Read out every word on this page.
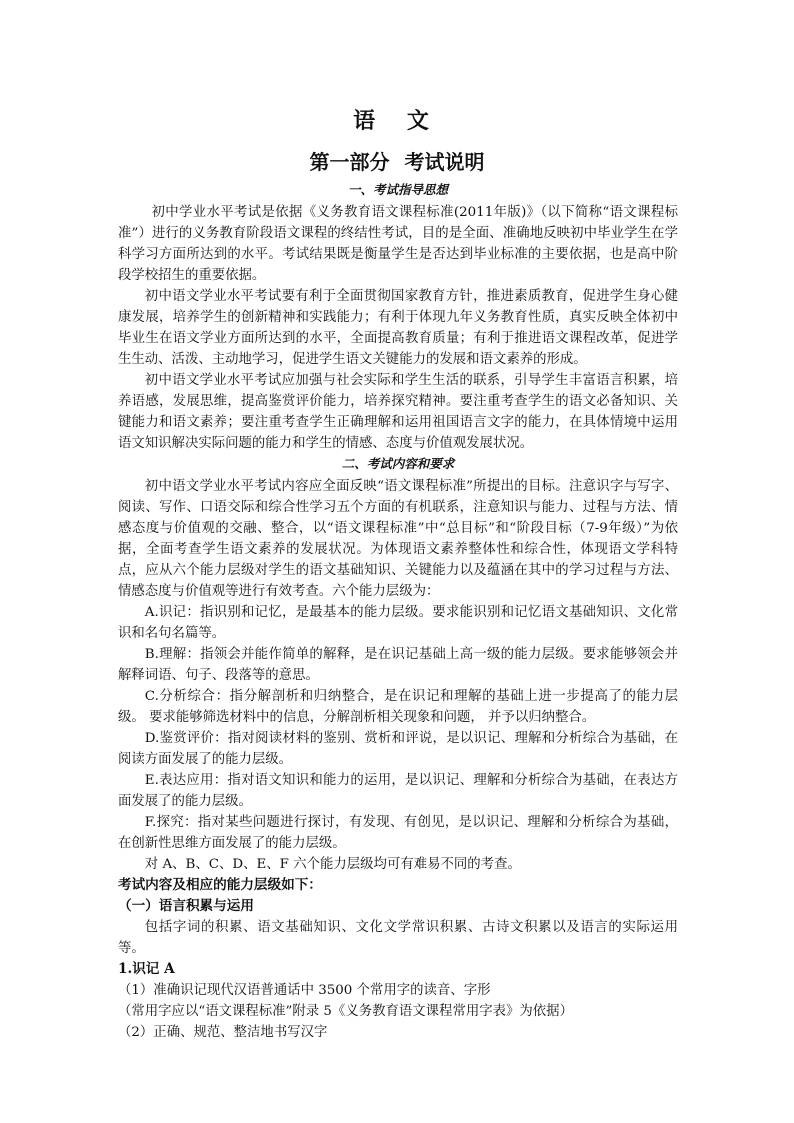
语 文
第一部分 考试说明
一、考试指导思想

初中学业水平考试是依据《义务教育语文课程标准(2011年版)》（以下简称“语文课程标准”）进行的义务教育阶段语文课程的终结性考试，目的是全面、准确地反映初中毕业学生在学科学习方面所达到的水平。考试结果既是衡量学生是否达到毕业标准的主要依据，也是高中阶段学校招生的重要依据。

初中语文学业水平考试要有利于全面贯彻国家教育方针，推进素质教育，促进学生身心健康发展，培养学生的创新精神和实践能力；有利于体现九年义务教育性质，真实反映全体初中毕业生在语文学业方面所达到的水平，全面提高教育质量；有利于推进语文课程改革，促进学生生动、活泼、主动地学习，促进学生语文关键能力的发展和语文素养的形成。

初中语文学业水平考试应加强与社会实际和学生生活的联系，引导学生丰富语言积累，培养语感，发展思维，提高鉴赏评价能力，培养探究精神。要注重考查学生的语文必备知识、关键能力和语文素养；要注重考查学生正确理解和运用祖国语言文字的能力，在具体情境中运用语文知识解决实际问题的能力和学生的情感、态度与价值观发展状况。

二、考试内容和要求

初中语文学业水平考试内容应全面反映“语文课程标准”所提出的目标。注意识字与写字、阅读、写作、口语交际和综合性学习五个方面的有机联系，注意知识与能力、过程与方法、情感态度与价值观的交融、整合，以“语文课程标准”中“总目标”和“阶段目标（7-9年级）”为依据，全面考查学生语文素养的发展状况。为体现语文素养整体性和综合性，体现语文学科特点，应从六个能力层级对学生的语文基础知识、关键能力以及蕴涵在其中的学习过程与方法、情感态度与价值观等进行有效考查。六个能力层级为：

A.识记：指识别和记忆，是最基本的能力层级。要求能识别和记忆语文基础知识、文化常识和名句名篇等。

B.理解：指领会并能作简单的解释，是在识记基础上高一级的能力层级。要求能够领会并解释词语、句子、段落等的意思。

C.分析综合：指分解剖析和归纳整合，是在识记和理解的基础上进一步提高了的能力层级。 要求能够筛选材料中的信息，分解剖析相关现象和问题， 并予以归纳整合。

D.鉴赏评价：指对阅读材料的鉴别、赏析和评说，是以识记、理解和分析综合为基础，在阅读方面发展了的能力层级。

E.表达应用：指对语文知识和能力的运用，是以识记、理解和分析综合为基础，在表达方面发展了的能力层级。

F.探究：指对某些问题进行探讨，有发现、有创见，是以识记、理解和分析综合为基础，在创新性思维方面发展了的能力层级。

对 A、B、C、D、E、F 六个能力层级均可有难易不同的考查。

考试内容及相应的能力层级如下：
（一）语言积累与运用

包括字词的积累、语文基础知识、文化文学常识积累、古诗文积累以及语言的实际运用等。

1.识记 A

（1）准确识记现代汉语普通话中 3500 个常用字的读音、字形

（常用字应以“语文课程标准”附录 5《义务教育语文课程常用字表》为依据）

（2）正确、规范、整洁地书写汉字
